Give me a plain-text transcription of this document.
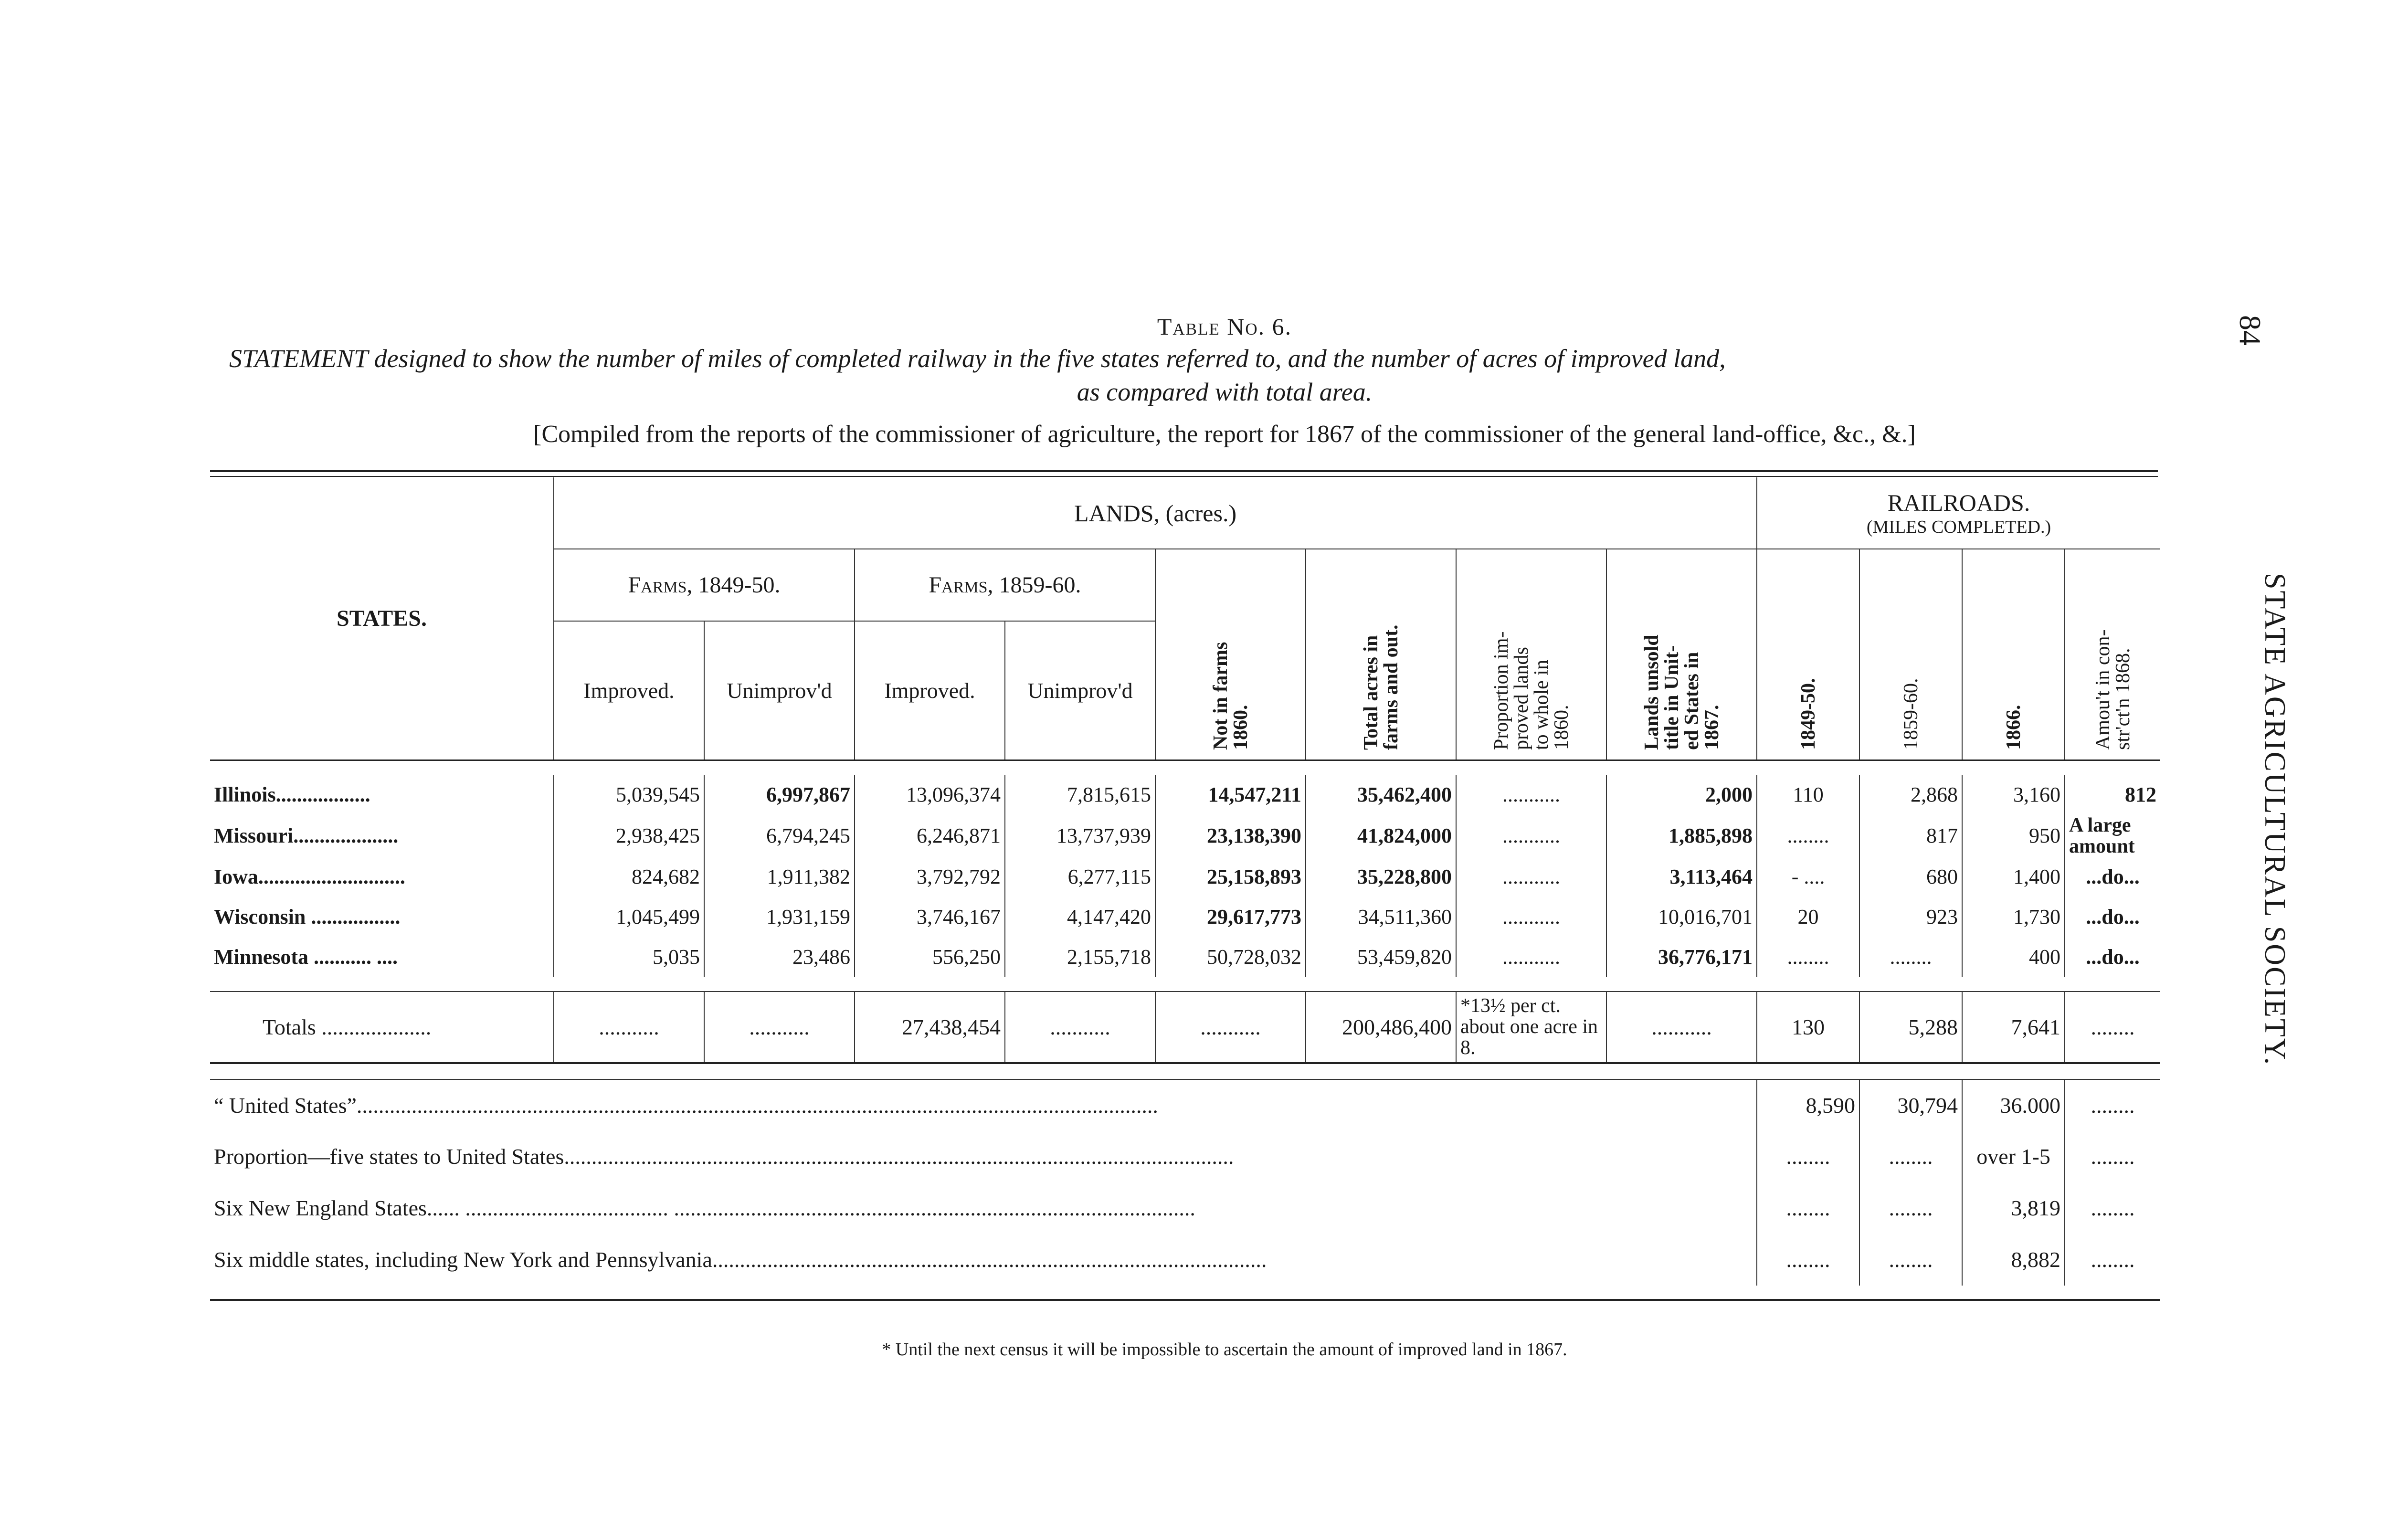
84
STATE AGRICULTURAL SOCIETY.
Table No. 6.
STATEMENT designed to show the number of miles of completed railway in the five states referred to, and the number of acres of improved land,
as compared with total area.
[Compiled from the reports of the commissioner of agriculture, the report for 1867 of the commissioner of the general land-office, &c., &.]
STATES.	LANDS, (acres.)								RAILROADS.
(MILES COMPLETED.)			

	Farms, 1849-50.		Farms, 1859-60.		Not in farms
1860.	Total acres in
farms and out.	Proportion im-
proved lands
to whole in
1860.	Lands unsold
title in Unit-
ed States in
1867.	1849-50.	1859-60.	1866.	Amou't in con-
str'ct'n 1868.

	Improved.	Unimprov'd	Improved.	Unimprov'd								

Illinois..................	5,039,545	6,997,867	13,096,374	7,815,615	14,547,211	35,462,400	...........	2,000	110	2,868	3,160	812
Missouri....................	2,938,425	6,794,245	6,246,871	13,737,939	23,138,390	41,824,000	...........	1,885,898	........	817	950	A large amount
Iowa............................	824,682	1,911,382	3,792,792	6,277,115	25,158,893	35,228,800	...........	3,113,464	- ....	680	1,400	...do...
Wisconsin .................	1,045,499	1,931,159	3,746,167	4,147,420	29,617,773	34,511,360	...........	10,016,701	20	923	1,730	...do...
Minnesota ........... ....	5,035	23,486	556,250	2,155,718	50,728,032	53,459,820	...........	36,776,171	........	........	400	...do...

Totals ....................	...........	...........	27,438,454	...........	...........	200,486,400	*13½ per ct. about one acre in 8.	...........	130	5,288	7,641	........

“ United States”..................................................................................................................................................									8,590	30,794	36.000	........
Proportion—five states to United States..........................................................................................................................									........	........	over 1-5	........
Six New England States...... ..................................... ...............................................................................................									........	........	3,819	........
Six middle states, including New York and Pennsylvania.....................................................................................................									........	........	8,882	........

* Until the next census it will be impossible to ascertain the amount of improved land in 1867.
